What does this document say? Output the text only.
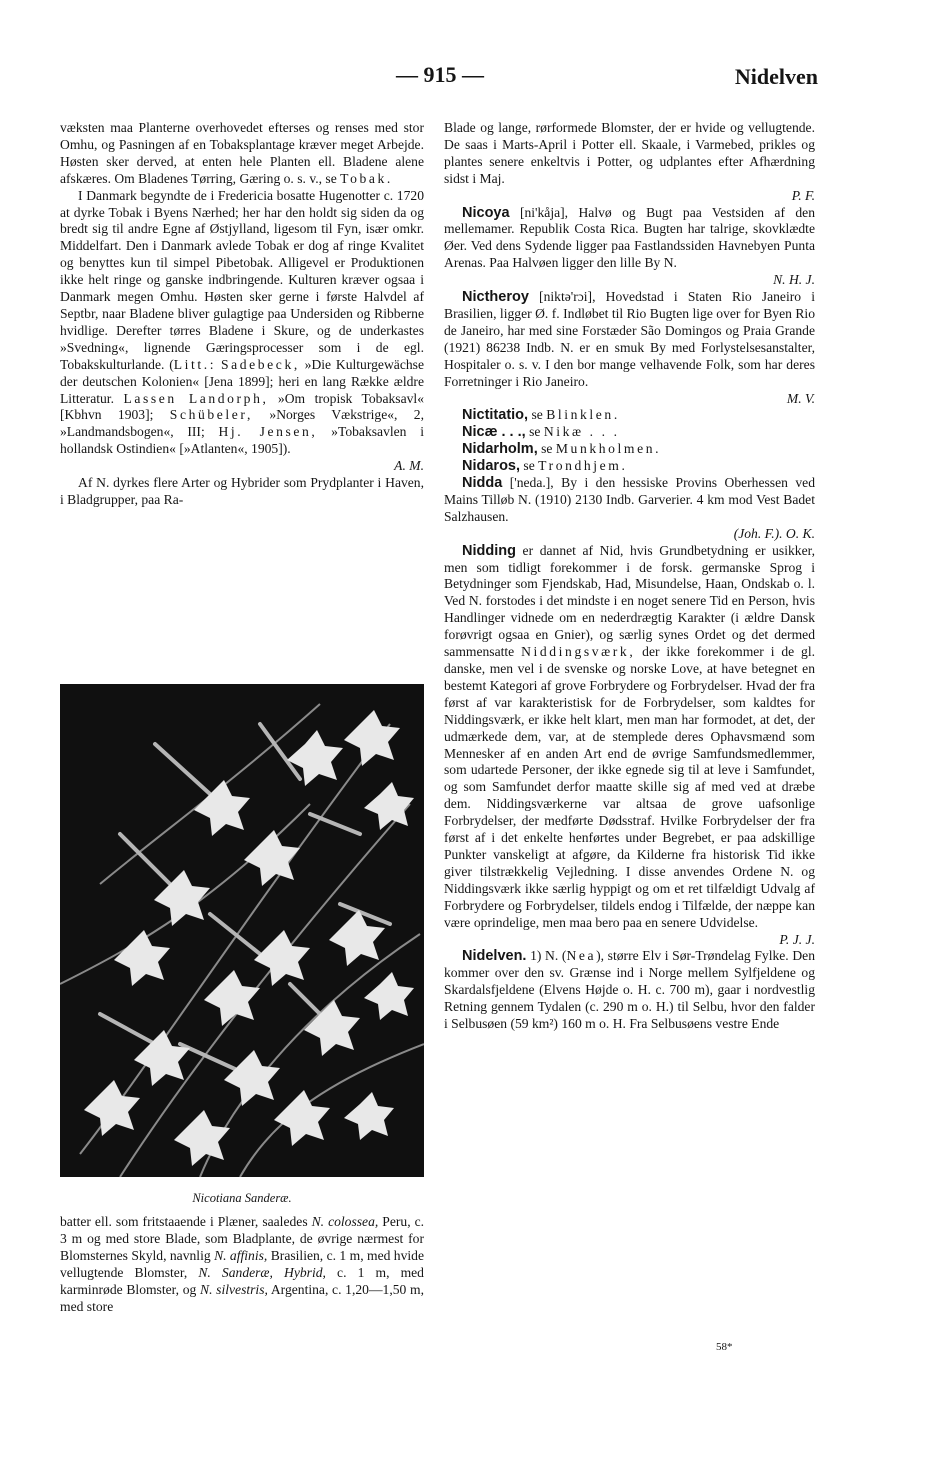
— 915 —	Nidelven

væksten maa Planterne overhovedet efterses og renses med stor Omhu, og Pasningen af en Tobaksplantage kræver meget Arbejde. Høsten sker derved, at enten hele Planten ell. Bladene alene afskæres. Om Bladenes Tørring, Gæring o. s. v., se Tobak.

I Danmark begyndte de i Fredericia bosatte Hugenotter c. 1720 at dyrke Tobak i Byens Nærhed; her har den holdt sig siden da og bredt sig til andre Egne af Østjylland, ligesom til Fyn, især omkr. Middelfart. Den i Danmark avlede Tobak er dog af ringe Kvalitet og benyttes kun til simpel Pibetobak. Alligevel er Produktionen ikke helt ringe og ganske indbringende. Kulturen kræver ogsaa i Danmark megen Omhu. Høsten sker gerne i første Halvdel af Septbr, naar Bladene bliver gulagtige paa Undersiden og Ribberne hvidlige. Derefter tørres Bladene i Skure, og de underkastes »Svedning«, lignende Gæringsprocesser som i de egl. Tobakskulturlande. (Litt.: Sadebeck, »Die Kulturgewächse der deutschen Kolonien« [Jena 1899]; heri en lang Række ældre Litteratur. Lassen Landorph, »Om tropisk Tobaksavl« [Kbhvn 1903]; Schübeler, »Norges Vækstrige«, 2, »Landmandsbogen«, III; Hj. Jensen, »Tobaksavlen i hollandsk Ostindien« [»Atlanten«, 1905]).

A. M.

Af N. dyrkes flere Arter og Hybrider som Prydplanter i Haven, i Bladgrupper, paa Ra-

Nicotiana Sanderæ.

batter ell. som fritstaaende i Plæner, saaledes N. colossea, Peru, c. 3 m og med store Blade, som Bladplante, de øvrige nærmest for Blomsternes Skyld, navnlig N. affinis, Brasilien, c. 1 m, med hvide vellugtende Blomster, N. Sanderæ, Hybrid, c. 1 m, med karminrøde Blomster, og N. silvestris, Argentina, c. 1,20—1,50 m, med store

Blade og lange, rørformede Blomster, der er hvide og vellugtende. De saas i Marts-April i Potter ell. Skaale, i Varmebed, prikles og plantes senere enkeltvis i Potter, og udplantes efter Afhærdning sidst i Maj.

P. F.

Nicoya [ni'kåja], Halvø og Bugt paa Vestsiden af den mellemamer. Republik Costa Rica. Bugten har talrige, skovklædte Øer. Ved dens Sydende ligger paa Fastlandssiden Havnebyen Punta Arenas. Paa Halvøen ligger den lille By N.

N. H. J.

Nictheroy [niktə'rɔi], Hovedstad i Staten Rio Janeiro i Brasilien, ligger Ø. f. Indløbet til Rio Bugten lige over for Byen Rio de Janeiro, har med sine Forstæder São Domingos og Praia Grande (1921) 86238 Indb. N. er en smuk By med Forlystelsesanstalter, Hospitaler o. s. v. I den bor mange velhavende Folk, som har deres Forretninger i Rio Janeiro.

M. V.

Nictitatio, se Blinklen.

Nicæ . . ., se Nikæ . . .

Nidarholm, se Munkholmen.

Nidaros, se Trondhjem.

Nidda ['neda.], By i den hessiske Provins Oberhessen ved Mains Tilløb N. (1910) 2130 Indb. Garverier. 4 km mod Vest Badet Salzhausen.

(Joh. F.). O. K.

Nidding er dannet af Nid, hvis Grundbetydning er usikker, men som tidligt forekommer i de forsk. germanske Sprog i Betydninger som Fjendskab, Had, Misundelse, Haan, Ondskab o. l. Ved N. forstodes i det mindste i en noget senere Tid en Person, hvis Handlinger vidnede om en nederdrægtig Karakter (i ældre Dansk forøvrigt ogsaa en Gnier), og særlig synes Ordet og det dermed sammensatte Niddingsværk, der ikke forekommer i de gl. danske, men vel i de svenske og norske Love, at have betegnet en bestemt Kategori af grove Forbrydere og Forbrydelser. Hvad der fra først af var karakteristisk for de Forbrydelser, som kaldtes for Niddingsværk, er ikke helt klart, men man har formodet, at det, der udmærkede dem, var, at de stemplede deres Ophavsmænd som Mennesker af en anden Art end de øvrige Samfundsmedlemmer, som udartede Personer, der ikke egnede sig til at leve i Samfundet, og som Samfundet derfor maatte skille sig af med ved at dræbe dem. Niddingsværkerne var altsaa de grove uafsonlige Forbrydelser, der medførte Dødsstraf. Hvilke Forbrydelser der fra først af i det enkelte henførtes under Begrebet, er paa adskillige Punkter vanskeligt at afgøre, da Kilderne fra historisk Tid ikke giver tilstrækkelig Vejledning. I disse anvendes Ordene N. og Niddingsværk ikke særlig hyppigt og om et ret tilfældigt Udvalg af Forbrydere og Forbrydelser, tildels endog i Tilfælde, der næppe kan være oprindelige, men maa bero paa en senere Udvidelse.

P. J. J.

Nidelven. 1) N. (Nea), større Elv i Sør-Trøndelag Fylke. Den kommer over den sv. Grænse ind i Norge mellem Sylfjeldene og Skardalsfjeldene (Elvens Højde o. H. c. 700 m), gaar i nordvestlig Retning gennem Tydalen (c. 290 m o. H.) til Selbu, hvor den falder i Selbusøen (59 km²) 160 m o. H. Fra Selbusøens vestre Ende

58*
